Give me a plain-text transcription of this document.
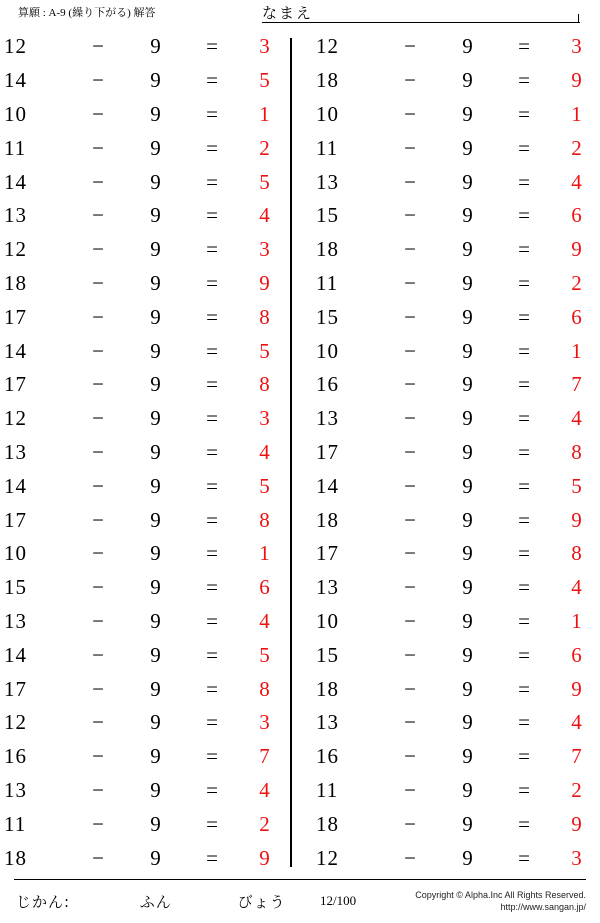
算願 : A-9 (繰り下がる) 解答	なまえ
12	−	9	=	3
14	−	9	=	5
10	−	9	=	1
11	−	9	=	2
14	−	9	=	5
13	−	9	=	4
12	−	9	=	3
18	−	9	=	9
17	−	9	=	8
14	−	9	=	5
17	−	9	=	8
12	−	9	=	3
13	−	9	=	4
14	−	9	=	5
17	−	9	=	8
10	−	9	=	1
15	−	9	=	6
13	−	9	=	4
14	−	9	=	5
17	−	9	=	8
12	−	9	=	3
16	−	9	=	7
13	−	9	=	4
11	−	9	=	2
18	−	9	=	9
12	−	9	=	3
18	−	9	=	9
10	−	9	=	1
11	−	9	=	2
13	−	9	=	4
15	−	9	=	6
18	−	9	=	9
11	−	9	=	2
15	−	9	=	6
10	−	9	=	1
16	−	9	=	7
13	−	9	=	4
17	−	9	=	8
14	−	9	=	5
18	−	9	=	9
17	−	9	=	8
13	−	9	=	4
10	−	9	=	1
15	−	9	=	6
18	−	9	=	9
13	−	9	=	4
16	−	9	=	7
11	−	9	=	2
18	−	9	=	9
12	−	9	=	3
じかん:	ふん	びょう	12/100	Copyright © Alpha.Inc All Rights Reserved.
http://www.sangan.jp/
